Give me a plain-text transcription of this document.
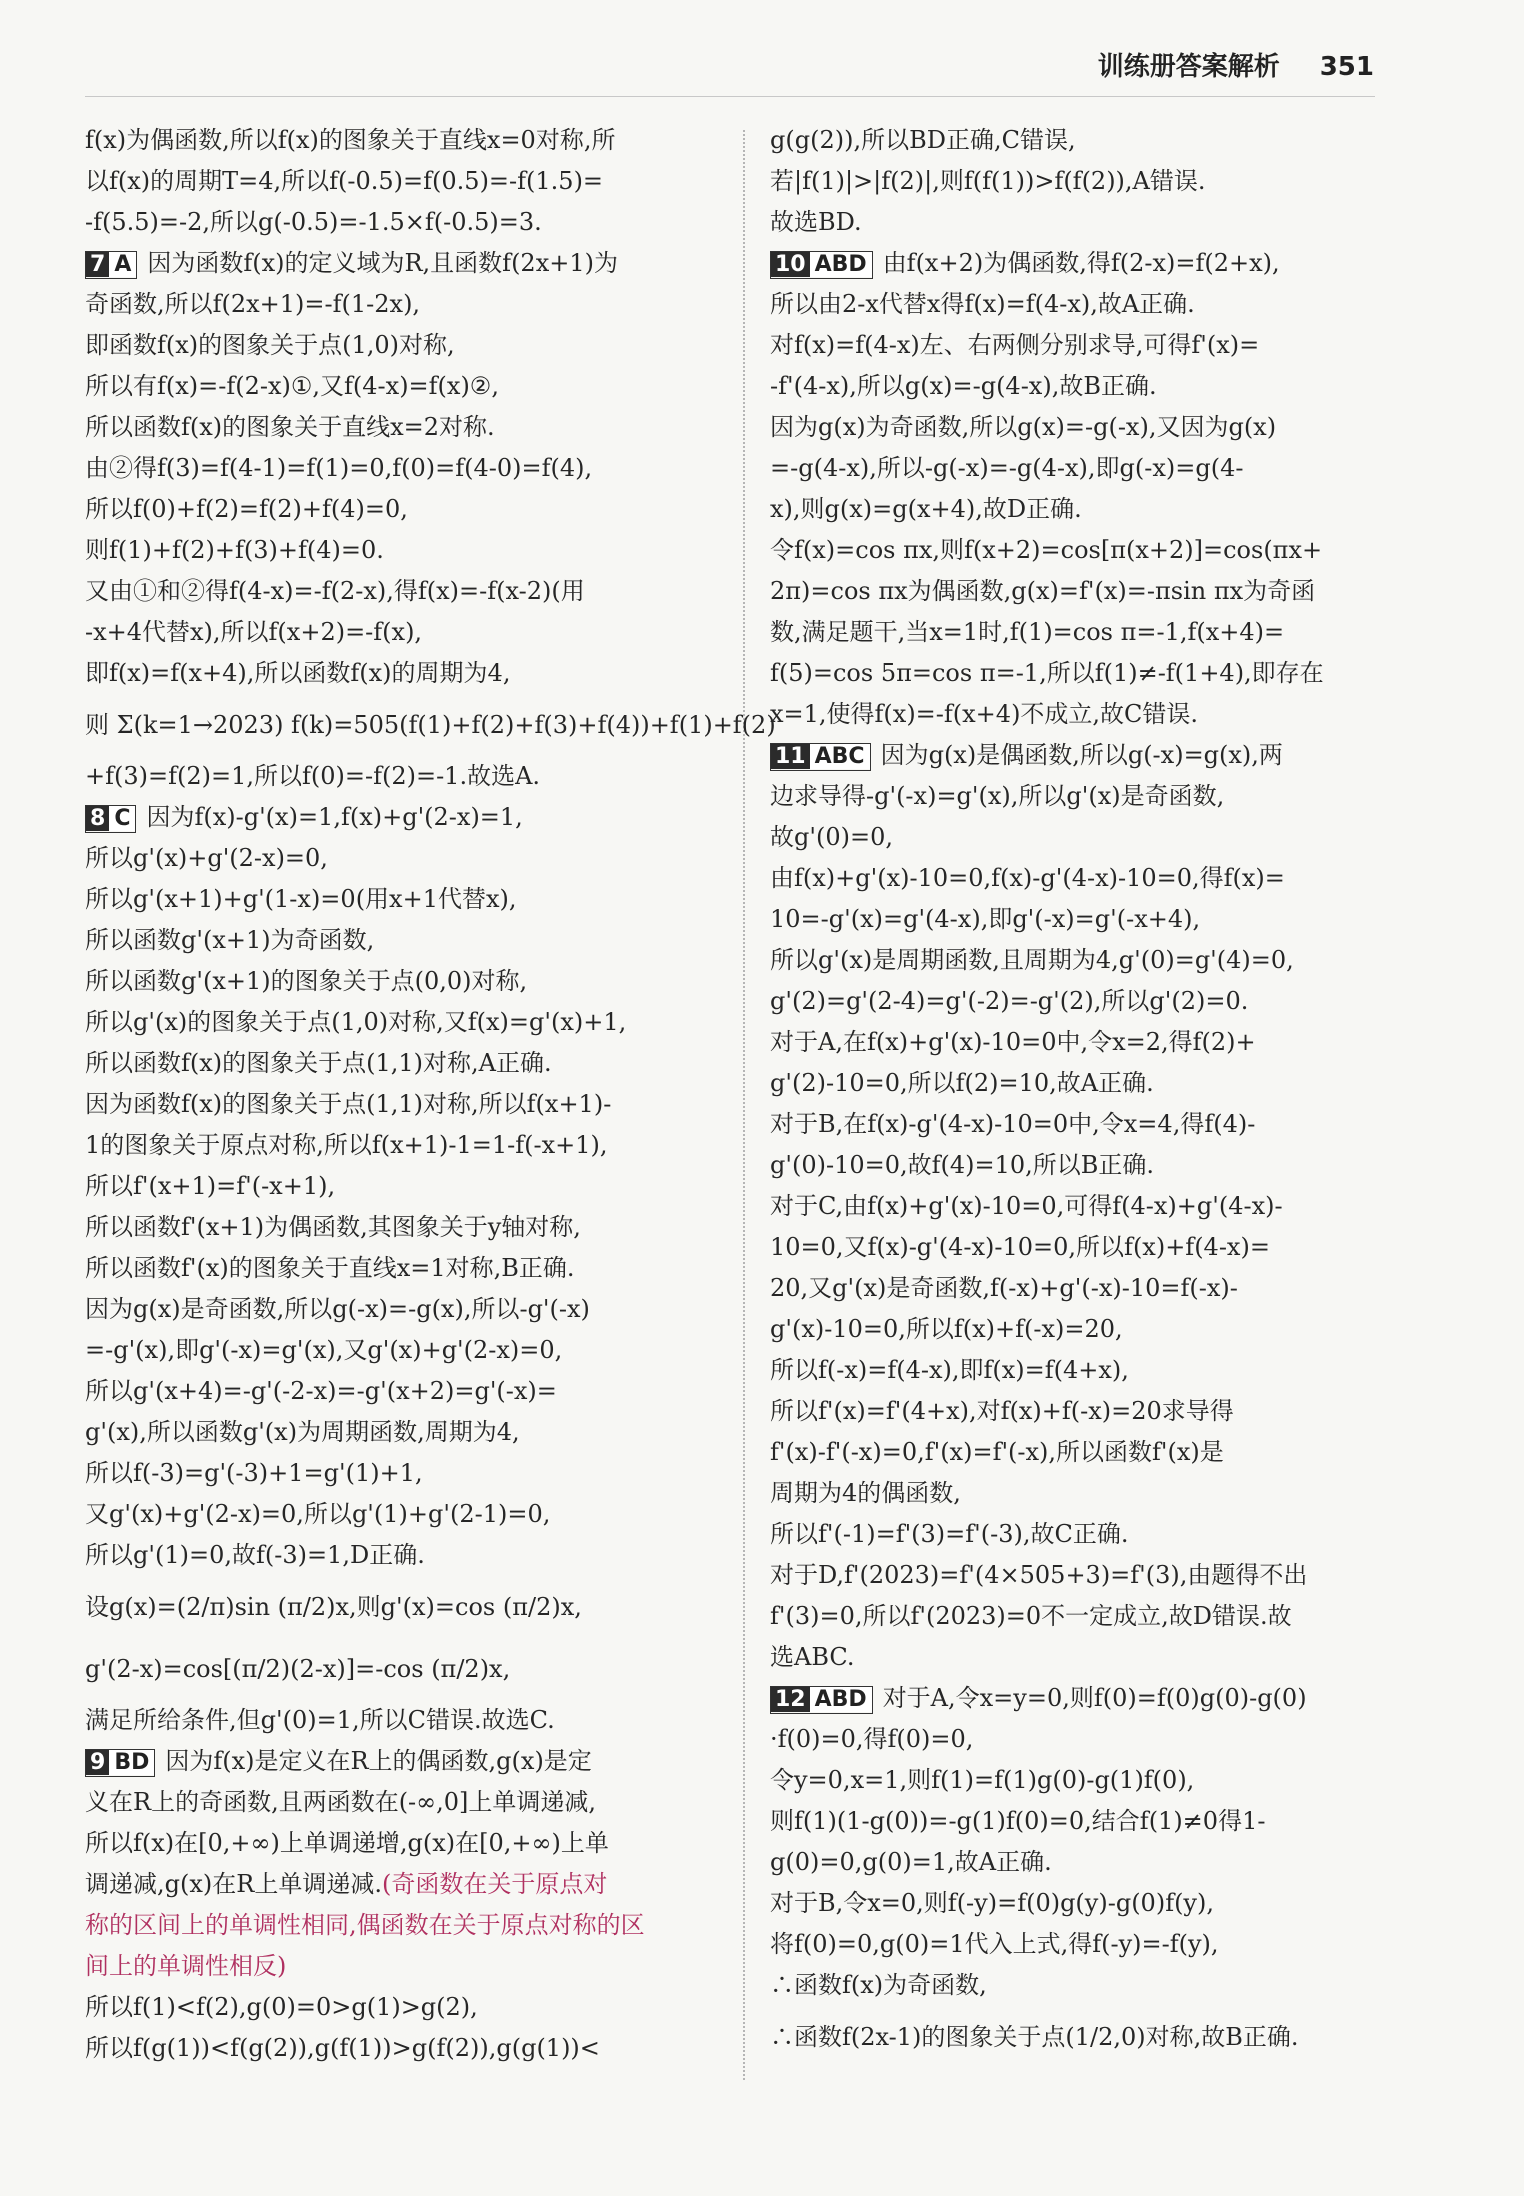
训练册答案解析 351
f(x)为偶函数,所以f(x)的图象关于直线x=0对称,所
以f(x)的周期T=4,所以f(-0.5)=f(0.5)=-f(1.5)=
-f(5.5)=-2,所以g(-0.5)=-1.5×f(-0.5)=3.
7 A 因为函数f(x)的定义域为R,且函数f(2x+1)为
奇函数,所以f(2x+1)=-f(1-2x),
即函数f(x)的图象关于点(1,0)对称,
所以有f(x)=-f(2-x)①,又f(4-x)=f(x)②,
所以函数f(x)的图象关于直线x=2对称.
由②得f(3)=f(4-1)=f(1)=0,f(0)=f(4-0)=f(4),
所以f(0)+f(2)=f(2)+f(4)=0,
则f(1)+f(2)+f(3)+f(4)=0.
又由①和②得f(4-x)=-f(2-x),得f(x)=-f(x-2)(用
-x+4代替x),所以f(x+2)=-f(x),
即f(x)=f(x+4),所以函数f(x)的周期为4,
则 Σ(k=1→2023) f(k)=505(f(1)+f(2)+f(3)+f(4))+f(1)+f(2)
+f(3)=f(2)=1,所以f(0)=-f(2)=-1.故选A.
8 C 因为f(x)-g'(x)=1,f(x)+g'(2-x)=1,
所以g'(x)+g'(2-x)=0,
所以g'(x+1)+g'(1-x)=0(用x+1代替x),
所以函数g'(x+1)为奇函数,
所以函数g'(x+1)的图象关于点(0,0)对称,
所以g'(x)的图象关于点(1,0)对称,又f(x)=g'(x)+1,
所以函数f(x)的图象关于点(1,1)对称,A正确.
因为函数f(x)的图象关于点(1,1)对称,所以f(x+1)-
1的图象关于原点对称,所以f(x+1)-1=1-f(-x+1),
所以f'(x+1)=f'(-x+1),
所以函数f'(x+1)为偶函数,其图象关于y轴对称,
所以函数f'(x)的图象关于直线x=1对称,B正确.
因为g(x)是奇函数,所以g(-x)=-g(x),所以-g'(-x)
=-g'(x),即g'(-x)=g'(x),又g'(x)+g'(2-x)=0,
所以g'(x+4)=-g'(-2-x)=-g'(x+2)=g'(-x)=
g'(x),所以函数g'(x)为周期函数,周期为4,
所以f(-3)=g'(-3)+1=g'(1)+1,
又g'(x)+g'(2-x)=0,所以g'(1)+g'(2-1)=0,
所以g'(1)=0,故f(-3)=1,D正确.
设g(x)=(2/π)sin (π/2)x,则g'(x)=cos (π/2)x,
g'(2-x)=cos[(π/2)(2-x)]=-cos (π/2)x,
满足所给条件,但g'(0)=1,所以C错误.故选C.
9 BD 因为f(x)是定义在R上的偶函数,g(x)是定
义在R上的奇函数,且两函数在(-∞,0]上单调递减,
所以f(x)在[0,+∞)上单调递增,g(x)在[0,+∞)上单
调递减,g(x)在R上单调递减.(奇函数在关于原点对
称的区间上的单调性相同,偶函数在关于原点对称的区
间上的单调性相反)
所以f(1)<f(2),g(0)=0>g(1)>g(2),
所以f(g(1))<f(g(2)),g(f(1))>g(f(2)),g(g(1))<
g(g(2)),所以BD正确,C错误,
若|f(1)|>|f(2)|,则f(f(1))>f(f(2)),A错误.
故选BD.
10 ABD 由f(x+2)为偶函数,得f(2-x)=f(2+x),
所以由2-x代替x得f(x)=f(4-x),故A正确.
对f(x)=f(4-x)左、右两侧分别求导,可得f'(x)=
-f'(4-x),所以g(x)=-g(4-x),故B正确.
因为g(x)为奇函数,所以g(x)=-g(-x),又因为g(x)
=-g(4-x),所以-g(-x)=-g(4-x),即g(-x)=g(4-
x),则g(x)=g(x+4),故D正确.
令f(x)=cos πx,则f(x+2)=cos[π(x+2)]=cos(πx+
2π)=cos πx为偶函数,g(x)=f'(x)=-πsin πx为奇函
数,满足题干,当x=1时,f(1)=cos π=-1,f(x+4)=
f(5)=cos 5π=cos π=-1,所以f(1)≠-f(1+4),即存在
x=1,使得f(x)=-f(x+4)不成立,故C错误.
11 ABC 因为g(x)是偶函数,所以g(-x)=g(x),两
边求导得-g'(-x)=g'(x),所以g'(x)是奇函数,
故g'(0)=0,
由f(x)+g'(x)-10=0,f(x)-g'(4-x)-10=0,得f(x)=
10=-g'(x)=g'(4-x),即g'(-x)=g'(-x+4),
所以g'(x)是周期函数,且周期为4,g'(0)=g'(4)=0,
g'(2)=g'(2-4)=g'(-2)=-g'(2),所以g'(2)=0.
对于A,在f(x)+g'(x)-10=0中,令x=2,得f(2)+
g'(2)-10=0,所以f(2)=10,故A正确.
对于B,在f(x)-g'(4-x)-10=0中,令x=4,得f(4)-
g'(0)-10=0,故f(4)=10,所以B正确.
对于C,由f(x)+g'(x)-10=0,可得f(4-x)+g'(4-x)-
10=0,又f(x)-g'(4-x)-10=0,所以f(x)+f(4-x)=
20,又g'(x)是奇函数,f(-x)+g'(-x)-10=f(-x)-
g'(x)-10=0,所以f(x)+f(-x)=20,
所以f(-x)=f(4-x),即f(x)=f(4+x),
所以f'(x)=f'(4+x),对f(x)+f(-x)=20求导得
f'(x)-f'(-x)=0,f'(x)=f'(-x),所以函数f'(x)是
周期为4的偶函数,
所以f'(-1)=f'(3)=f'(-3),故C正确.
对于D,f'(2023)=f'(4×505+3)=f'(3),由题得不出
f'(3)=0,所以f'(2023)=0不一定成立,故D错误.故
选ABC.
12 ABD 对于A,令x=y=0,则f(0)=f(0)g(0)-g(0)
·f(0)=0,得f(0)=0,
令y=0,x=1,则f(1)=f(1)g(0)-g(1)f(0),
则f(1)(1-g(0))=-g(1)f(0)=0,结合f(1)≠0得1-
g(0)=0,g(0)=1,故A正确.
对于B,令x=0,则f(-y)=f(0)g(y)-g(0)f(y),
将f(0)=0,g(0)=1代入上式,得f(-y)=-f(y),
∴函数f(x)为奇函数,
∴函数f(2x-1)的图象关于点(1/2,0)对称,故B正确.
